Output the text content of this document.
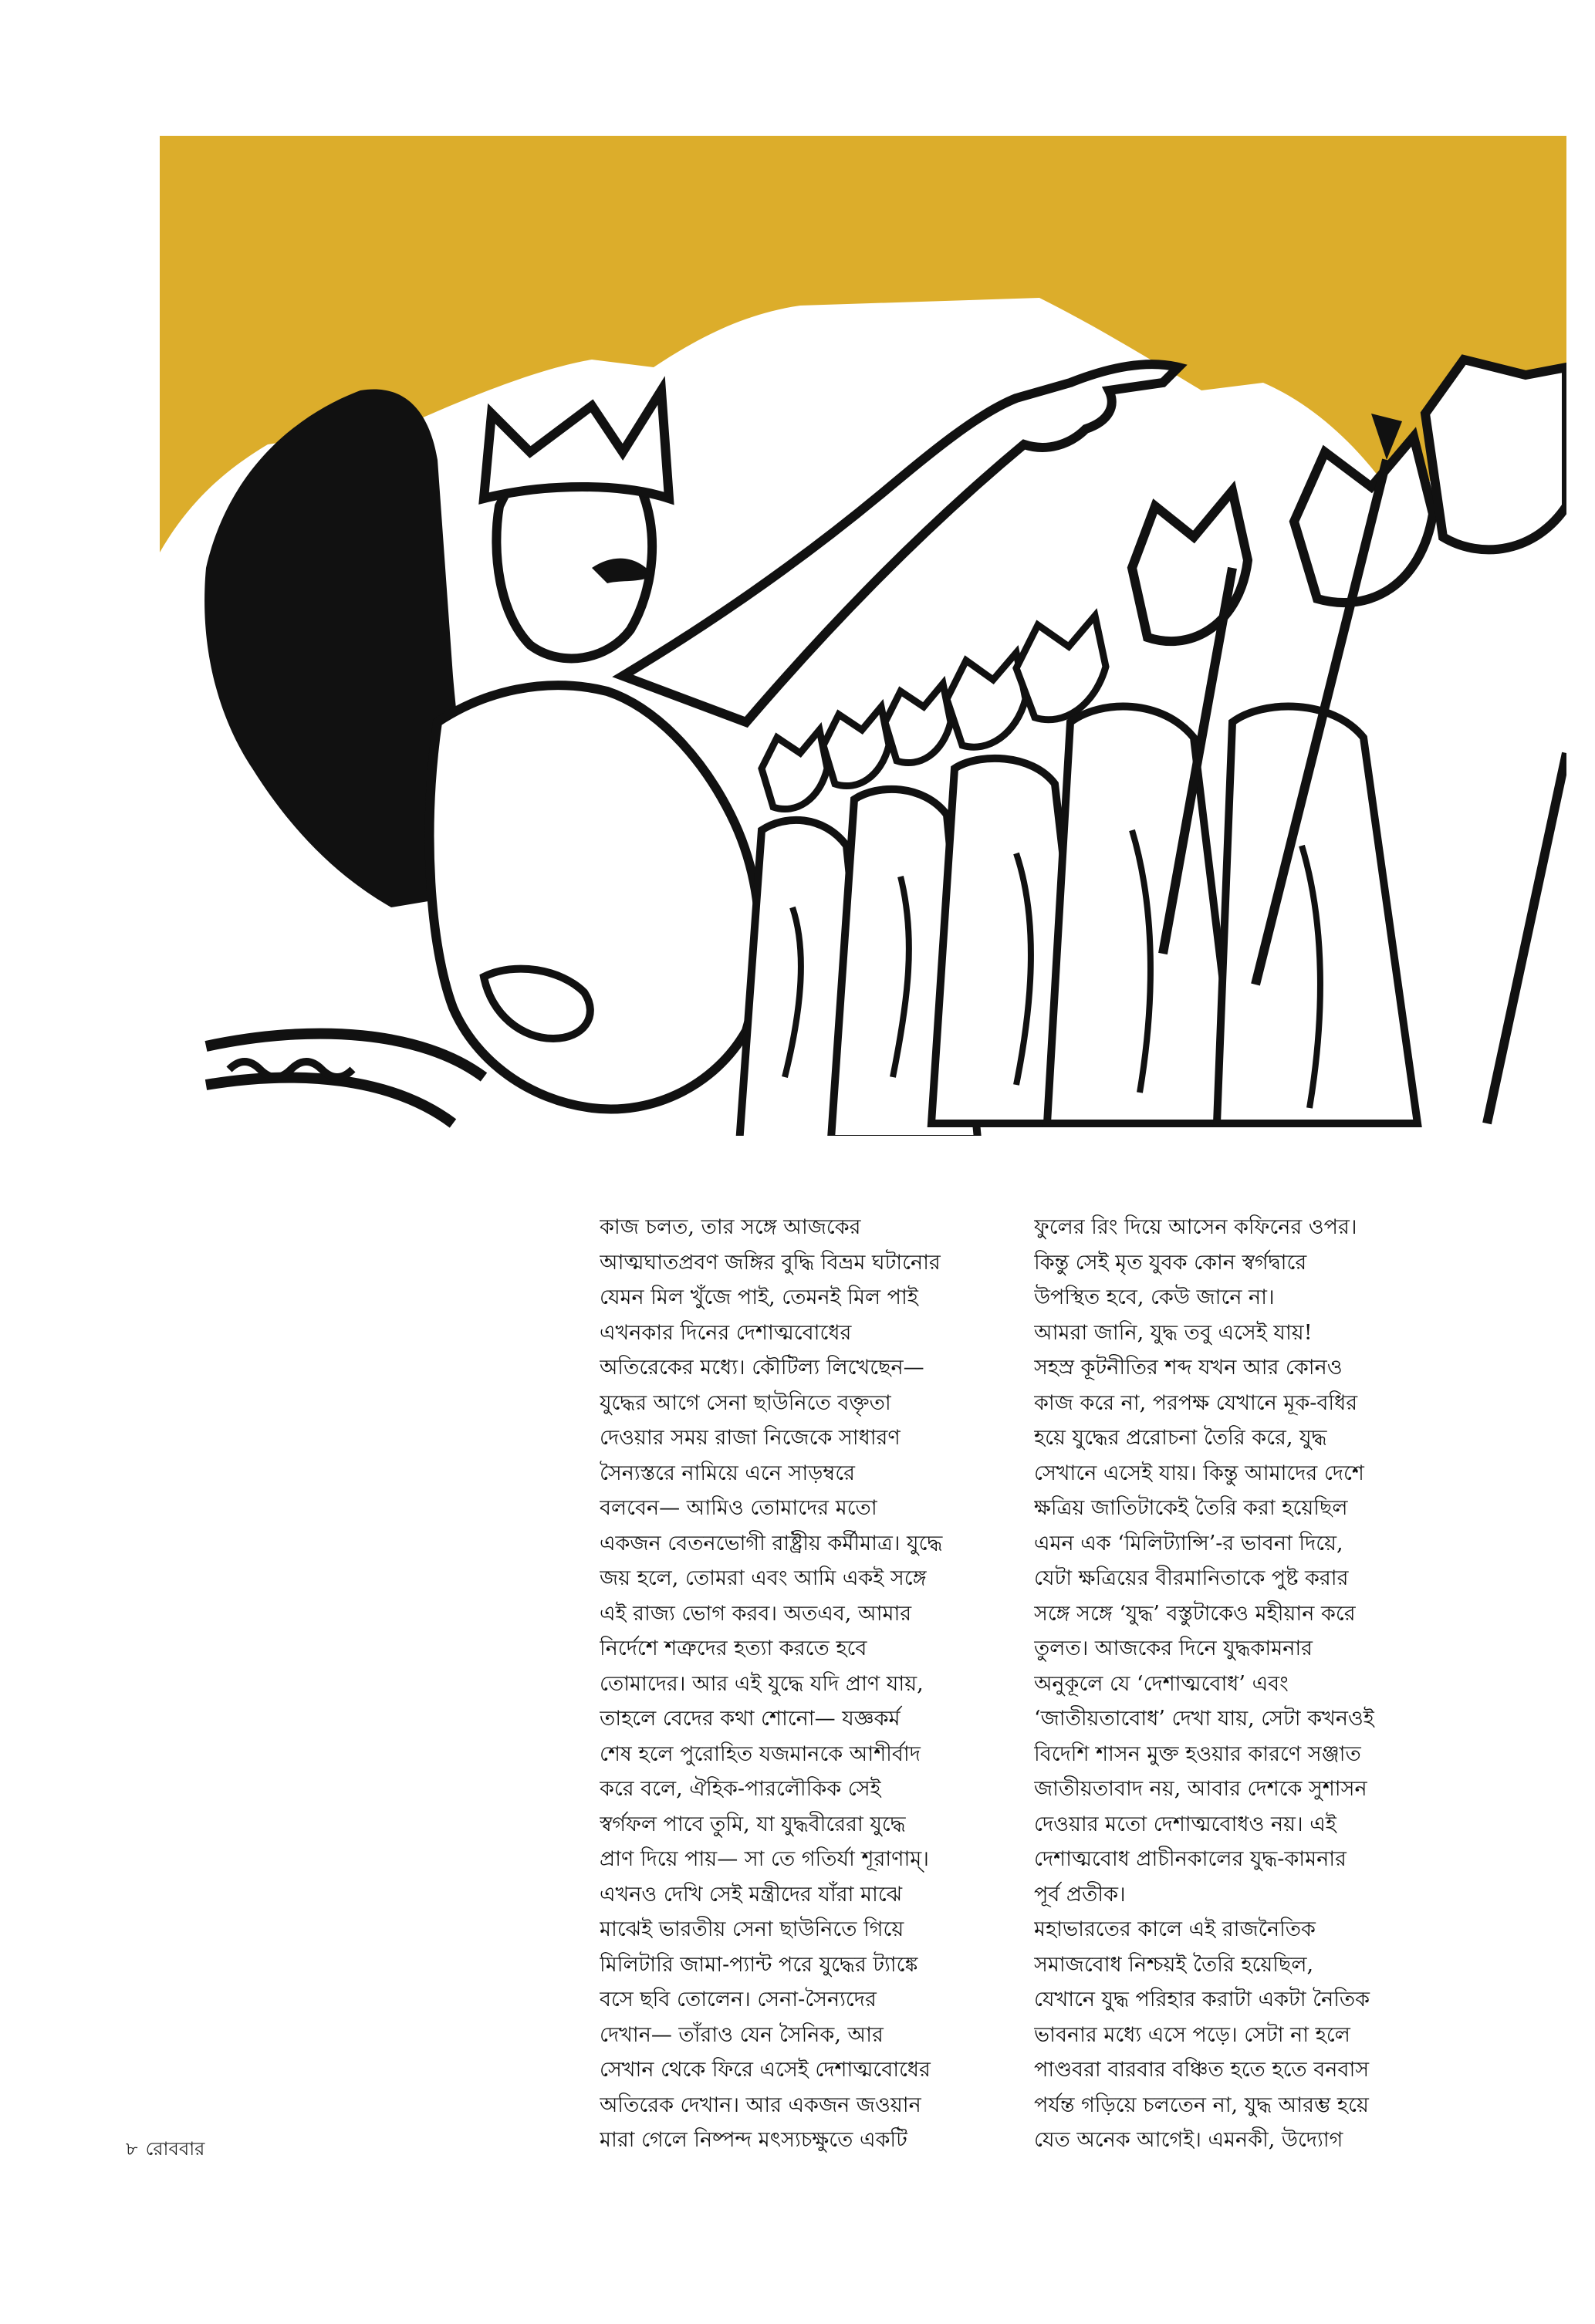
কাজ চলত, তার সঙ্গে আজকের
আত্মঘাতপ্রবণ জঙ্গির বুদ্ধি বিভ্রম ঘটানোর
যেমন মিল খুঁজে পাই, তেমনই মিল পাই
এখনকার দিনের দেশাত্মবোধের
অতিরেকের মধ্যে। কৌটিল্য লিখেছেন—
যুদ্ধের আগে সেনা ছাউনিতে বক্তৃতা
দেওয়ার সময় রাজা নিজেকে সাধারণ
সৈন্যস্তরে নামিয়ে এনে সাড়ম্বরে
বলবেন— আমিও তোমাদের মতো
একজন বেতনভোগী রাষ্ট্রীয় কর্মীমাত্র। যুদ্ধে
জয় হলে, তোমরা এবং আমি একই সঙ্গে
এই রাজ্য ভোগ করব। অতএব, আমার
নির্দেশে শত্রুদের হত্যা করতে হবে
তোমাদের। আর এই যুদ্ধে যদি প্রাণ যায়,
তাহলে বেদের কথা শোনো— যজ্ঞকর্ম
শেষ হলে পুরোহিত যজমানকে আশীর্বাদ
করে বলে, ঐহিক-পারলৌকিক সেই
স্বর্গফল পাবে তুমি, যা যুদ্ধবীরেরা যুদ্ধে
প্রাণ দিয়ে পায়— সা তে গতির্যা শূরাণাম্।
এখনও দেখি সেই মন্ত্রীদের যাঁরা মাঝে
মাঝেই ভারতীয় সেনা ছাউনিতে গিয়ে
মিলিটারি জামা-প্যান্ট পরে যুদ্ধের ট্যাঙ্কে
বসে ছবি তোলেন। সেনা-সৈন্যদের
দেখান— তাঁরাও যেন সৈনিক, আর
সেখান থেকে ফিরে এসেই দেশাত্মবোধের
অতিরেক দেখান। আর একজন জওয়ান
মারা গেলে নিষ্পন্দ মৎস্যচক্ষুতে একটি
ফুলের রিং দিয়ে আসেন কফিনের ওপর।
কিন্তু সেই মৃত যুবক কোন স্বর্গদ্বারে
উপস্থিত হবে, কেউ জানে না।
আমরা জানি, যুদ্ধ তবু এসেই যায়!
সহস্র কূটনীতির শব্দ যখন আর কোনও
কাজ করে না, পরপক্ষ যেখানে মূক-বধির
হয়ে যুদ্ধের প্ররোচনা তৈরি করে, যুদ্ধ
সেখানে এসেই যায়। কিন্তু আমাদের দেশে
ক্ষত্রিয় জাতিটাকেই তৈরি করা হয়েছিল
এমন এক ‘মিলিট্যান্সি’-র ভাবনা দিয়ে,
যেটা ক্ষত্রিয়ের বীরমানিতাকে পুষ্ট করার
সঙ্গে সঙ্গে ‘যুদ্ধ’ বস্তুটাকেও মহীয়ান করে
তুলত। আজকের দিনে যুদ্ধকামনার
অনুকূলে যে ‘দেশাত্মবোধ’ এবং
‘জাতীয়তাবোধ’ দেখা যায়, সেটা কখনওই
বিদেশি শাসন মুক্ত হওয়ার কারণে সঞ্জাত
জাতীয়তাবাদ নয়, আবার দেশকে সুশাসন
দেওয়ার মতো দেশাত্মবোধও নয়। এই
দেশাত্মবোধ প্রাচীনকালের যুদ্ধ-কামনার
পূর্ব প্রতীক।
মহাভারতের কালে এই রাজনৈতিক
সমাজবোধ নিশ্চয়ই তৈরি হয়েছিল,
যেখানে যুদ্ধ পরিহার করাটা একটা নৈতিক
ভাবনার মধ্যে এসে পড়ে। সেটা না হলে
পাণ্ডবরা বারবার বঞ্চিত হতে হতে বনবাস
পর্যন্ত গড়িয়ে চলতেন না, যুদ্ধ আরম্ভ হয়ে
যেত অনেক আগেই। এমনকী, উদ্যোগ
৮ রোববার
